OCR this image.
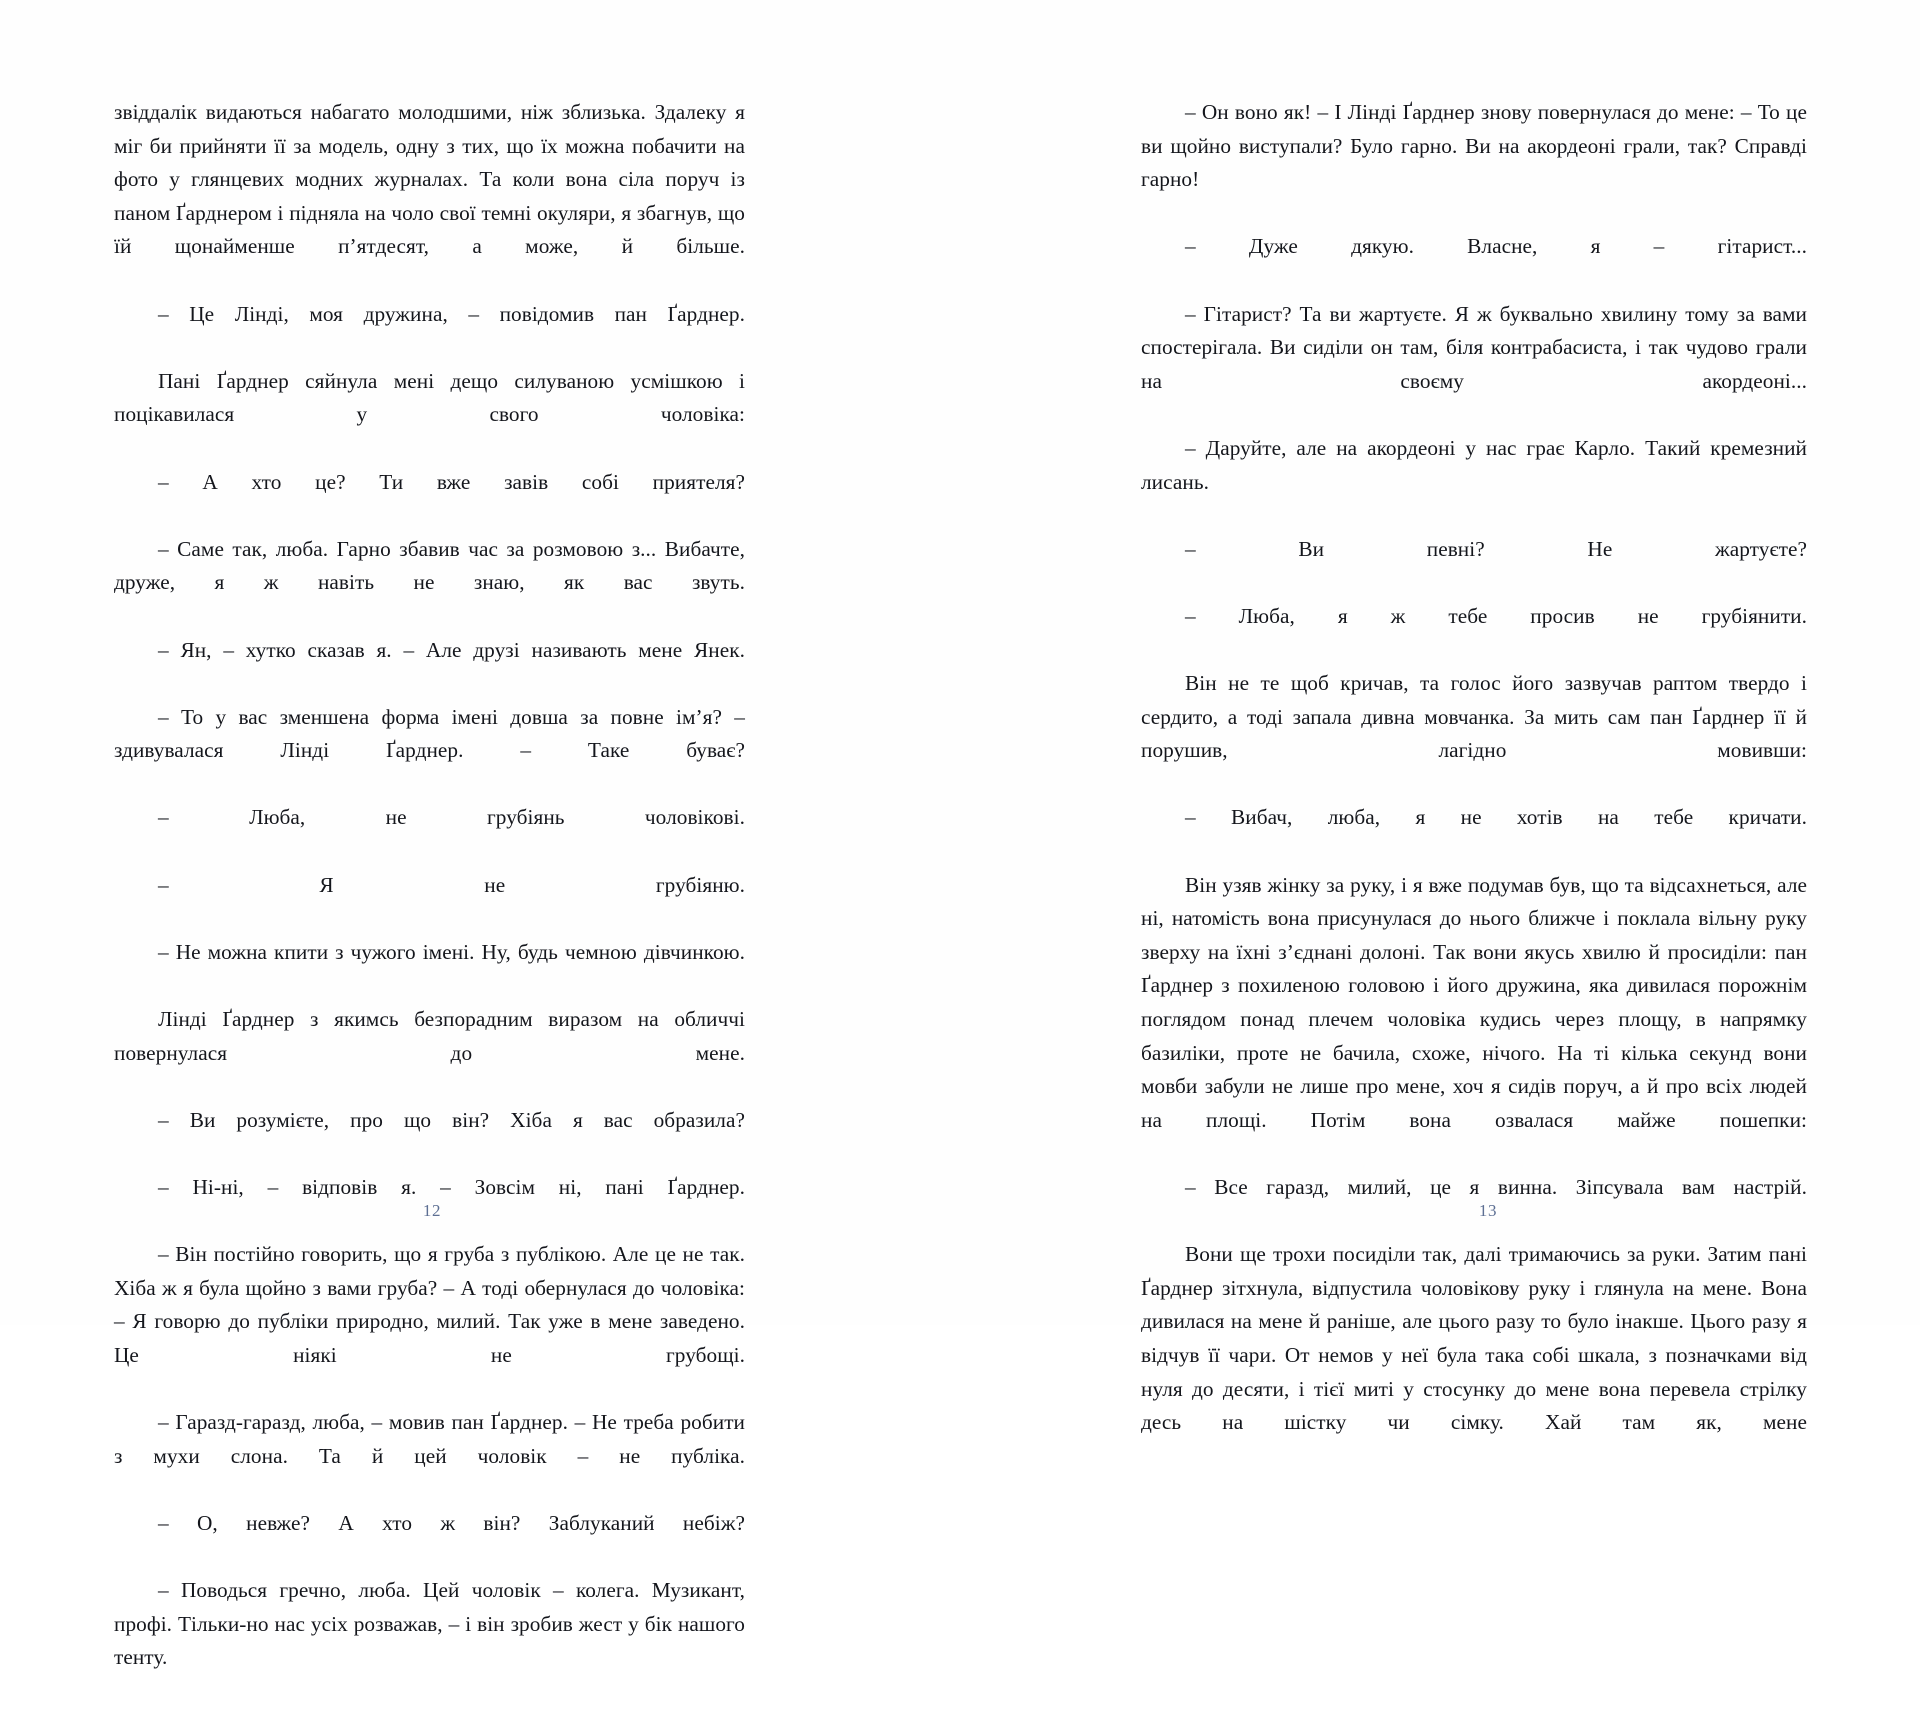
звіддалік видаються набагато молодшими, ніж зблизька. Здалеку я міг би прийняти її за модель, одну з тих, що їх можна побачити на фото у глянцевих модних журналах. Та коли вона сіла поруч із паном Ґарднером і підняла на чоло свої темні окуляри, я збагнув, що їй щонайменше п’ятдесят, а може, й більше.

– Це Лінді, моя дружина, – повідомив пан Ґарднер.

Пані Ґарднер сяйнула мені дещо силуваною усмішкою і поцікавилася у свого чоловіка:

– А хто це? Ти вже завів собі приятеля?

– Саме так, люба. Гарно збавив час за розмовою з... Вибачте, друже, я ж навіть не знаю, як вас звуть.

– Ян, – хутко сказав я. – Але друзі називають мене Янек.

– То у вас зменшена форма імені довша за повне ім’я? – здивувалася Лінді Ґарднер. – Таке буває?

– Люба, не грубіянь чоловікові.

– Я не грубіяню.

– Не можна кпити з чужого імені. Ну, будь чемною дівчинкою.

Лінді Ґарднер з якимсь безпорадним виразом на обличчі повернулася до мене.

– Ви розумієте, про що він? Хіба я вас образила?

– Ні-ні, – відповів я. – Зовсім ні, пані Ґарднер.

– Він постійно говорить, що я груба з публікою. Але це не так. Хіба ж я була щойно з вами груба? – А тоді обернулася до чоловіка: – Я говорю до публіки природно, милий. Так уже в мене заведено. Це ніякі не грубощі.

– Гаразд-гаразд, люба, – мовив пан Ґарднер. – Не треба робити з мухи слона. Та й цей чоловік – не публіка.

– О, невже? А хто ж він? Заблуканий небіж?

– Поводься гречно, люба. Цей чоловік – колега. Музикант, профі. Тільки-но нас усіх розважав, – і він зробив жест у бік нашого тенту.

12

– Он воно як! – І Лінді Ґарднер знову повернулася до мене: – То це ви щойно виступали? Було гарно. Ви на акордеоні грали, так? Справді гарно!

– Дуже дякую. Власне, я – гітарист...

– Гітарист? Та ви жартуєте. Я ж буквально хвилину тому за вами спостерігала. Ви сиділи он там, біля контрабасиста, і так чудово грали на своєму акордеоні...

– Даруйте, але на акордеоні у нас грає Карло. Такий кремезний лисань.

– Ви певні? Не жартуєте?

– Люба, я ж тебе просив не грубіянити.

Він не те щоб кричав, та голос його зазвучав раптом твердо і сердито, а тоді запала дивна мовчанка. За мить сам пан Ґарднер її й порушив, лагідно мовивши:

– Вибач, люба, я не хотів на тебе кричати.

Він узяв жінку за руку, і я вже подумав був, що та відсахнеться, але ні, натомість вона присунулася до нього ближче і поклала вільну руку зверху на їхні з’єднані долоні. Так вони якусь хвилю й просиділи: пан Ґарднер з похиленою головою і його дружина, яка дивилася порожнім поглядом понад плечем чоловіка кудись через площу, в напрямку базиліки, проте не бачила, схоже, нічого. На ті кілька секунд вони мовби забули не лише про мене, хоч я сидів поруч, а й про всіх людей на площі. Потім вона озвалася майже пошепки:

– Все гаразд, милий, це я винна. Зіпсувала вам настрій.

Вони ще трохи посиділи так, далі тримаючись за руки. Затим пані Ґарднер зітхнула, відпустила чоловікову руку і глянула на мене. Вона дивилася на мене й раніше, але цього разу то було інакше. Цього разу я відчув її чари. От немов у неї була така собі шкала, з позначками від нуля до десяти, і тієї миті у стосунку до мене вона перевела стрілку десь на шістку чи сімку. Хай там як, мене

13
